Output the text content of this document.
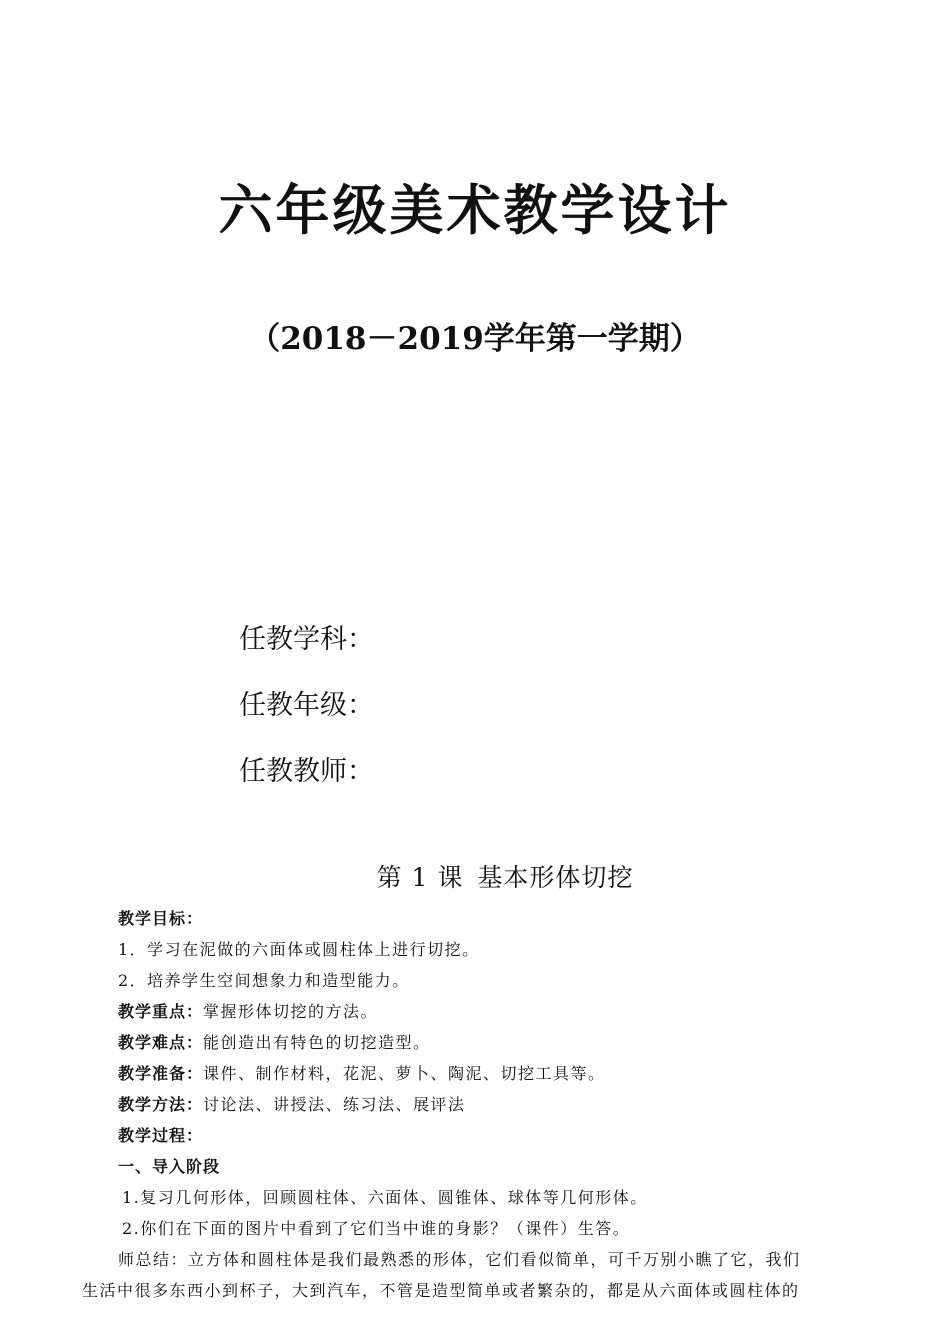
六年级美术教学设计
（2018－2019学年第一学期）

任教学科：

任教年级：

任教教师：

第 1 课 基本形体切挖
教学目标：
1．学习在泥做的六面体或圆柱体上进行切挖。
2．培养学生空间想象力和造型能力。
教学重点：掌握形体切挖的方法。
教学难点：能创造出有特色的切挖造型。
教学准备：课件、制作材料，花泥、萝卜、陶泥、切挖工具等。
教学方法：讨论法、讲授法、练习法、展评法
教学过程：
一、导入阶段
1.复习几何形体，回顾圆柱体、六面体、圆锥体、球体等几何形体。
2.你们在下面的图片中看到了它们当中谁的身影？（课件）生答。
师总结：立方体和圆柱体是我们最熟悉的形体，它们看似简单，可千万别小瞧了它，我们
生活中很多东西小到杯子，大到汽车，不管是造型简单或者繁杂的，都是从六面体或圆柱体的
